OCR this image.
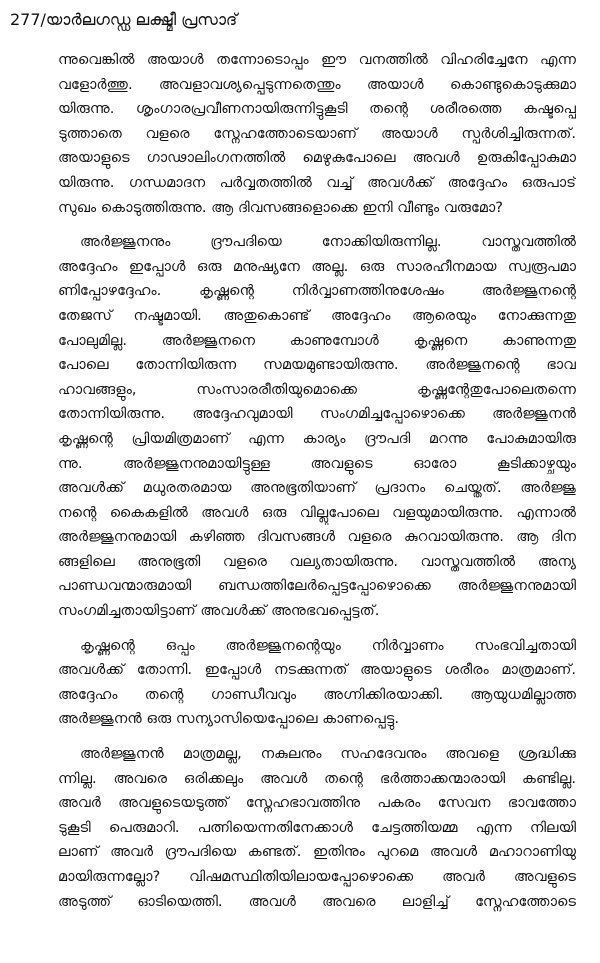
277/യാർലഗഡ്ഡ ലക്ഷ്മീ പ്രസാദ്

ന്നുവെങ്കിൽ അയാൾ തന്നോടൊപ്പം ഈ വനത്തിൽ വിഹരിച്ചേനേ എന്ന
വളോർത്തു. അവളാവശ്യപ്പെടുന്നതെന്തും അയാൾ കൊണ്ടുകൊടുക്കുമാ
യിരുന്നു. ശൃംഗാരപ്രവീണനായിരുന്നിട്ടുകൂടി തന്റെ ശരീരത്തെ കഷ്ടപ്പെ
ടുത്താതെ വളരെ സ്നേഹത്തോടെയാണ് അയാൾ സ്പർശിച്ചിരുന്നത്.
അയാളുടെ ഗാഢാലിംഗനത്തിൽ മെഴുകുപോലെ അവൾ ഉരുകിപ്പോകുമാ
യിരുന്നു. ഗന്ധമാദന പർവ്വതത്തിൽ വച്ച് അവൾക്ക് അദ്ദേഹം ഒരുപാട്
സുഖം കൊടുത്തിരുന്നു. ആ ദിവസങ്ങളൊക്കെ ഇനി വീണ്ടും വരുമോ?

അർജ്ജുനനും ദ്രൗപദിയെ നോക്കിയിരുന്നില്ല. വാസ്തവത്തിൽ
അദ്ദേഹം ഇപ്പോൾ ഒരു മനുഷ്യനേ അല്ല. ഒരു സാരഹീനമായ സ്വരൂപമാ
ണിപ്പോഴദ്ദേഹം. കൃഷ്ണന്റെ നിർവ്വാണത്തിനുശേഷം അർജ്ജുനന്റെ
തേജസ് നഷ്ടമായി. അതുകൊണ്ട് അദ്ദേഹം ആരെയും നോക്കുന്നതു
പോലുമില്ല. അർജ്ജുനനെ കാണുമ്പോൾ കൃഷ്ണനെ കാണുന്നതു
പോലെ തോന്നിയിരുന്ന സമയമുണ്ടായിരുന്നു. അർജ്ജുനന്റെ ഭാവ
ഹാവങ്ങളും, സംസാരരീതിയുമൊക്കെ കൃഷ്ണന്റേതുപോലെതന്നെ
തോന്നിയിരുന്നു. അദ്ദേഹവുമായി സംഗമിച്ചപ്പോഴൊക്കെ അർജ്ജുനൻ
കൃഷ്ണന്റെ പ്രിയമിത്രമാണ് എന്ന കാര്യം ദ്രൗപദി മറന്നു പോകുമായിരു
ന്നു. അർജ്ജുനനുമായിട്ടുള്ള അവളുടെ ഓരോ കൂടിക്കാഴ്ചയും
അവൾക്ക് മധുരതരമായ അനുഭൂതിയാണ് പ്രദാനം ചെയ്തത്. അർജ്ജു
നന്റെ കൈകളിൽ അവൾ ഒരു വില്ലുപോലെ വളയുമായിരുന്നു. എന്നാൽ
അർജ്ജുനനുമായി കഴിഞ്ഞ ദിവസങ്ങൾ വളരെ കുറവായിരുന്നു. ആ ദിന
ങ്ങളിലെ അനുഭൂതി വളരെ വല്യതായിരുന്നു. വാസ്തവത്തിൽ അന്യ
പാണ്ഡവന്മാരുമായി ബന്ധത്തിലേർപ്പെട്ടപ്പോഴൊക്കെ അർജ്ജുനനുമായി
സംഗമിച്ചതായിട്ടാണ് അവൾക്ക് അനുഭവപ്പെട്ടത്.

കൃഷ്ണന്റെ ഒപ്പം അർജ്ജുനന്റെയും നിർവ്വാണം സംഭവിച്ചതായി
അവൾക്ക് തോന്നി. ഇപ്പോൾ നടക്കുന്നത് അയാളുടെ ശരീരം മാത്രമാണ്.
അദ്ദേഹം തന്റെ ഗാണ്ഡീവവും അഗ്നിക്കിരയാക്കി. ആയുധമില്ലാത്ത
അർജ്ജുനൻ ഒരു സന്യാസിയെപ്പോലെ കാണപ്പെട്ടു.

അർജ്ജുനൻ മാത്രമല്ല, നകുലനും സഹദേവനും അവളെ ശ്രദ്ധിക്കു
ന്നില്ല. അവരെ ഒരിക്കലും അവൾ തന്റെ ഭർത്താക്കന്മാരായി കണ്ടില്ല.
അവർ അവളുടെയടുത്ത് സ്നേഹഭാവത്തിനു പകരം സേവന ഭാവത്തോ
ടുകൂടി പെരുമാറി. പത്നിയെന്നതിനേക്കാൾ ചേട്ടത്തിയമ്മ എന്ന നിലയി
ലാണ് അവർ ദ്രൗപദിയെ കണ്ടത്. ഇതിനും പുറമെ അവൾ മഹാറാണിയു
മായിരുന്നല്ലോ? വിഷമസ്ഥിതിയിലായപ്പോഴൊക്കെ അവർ അവളുടെ
അടുത്ത് ഓടിയെത്തി. അവൾ അവരെ ലാളിച്ച് സ്നേഹത്തോടെ
